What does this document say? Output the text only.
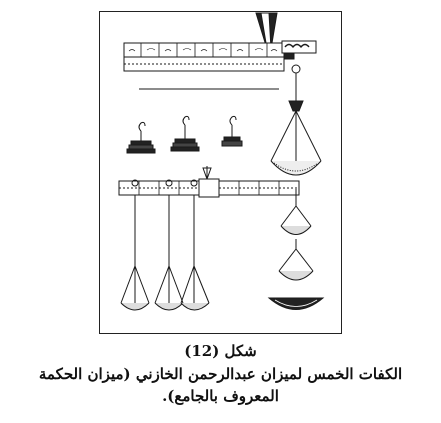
شكل (12)

الكفات الخمس لميزان عبدالرحمن الخازني (ميزان الحكمة المعروف بالجامع).
